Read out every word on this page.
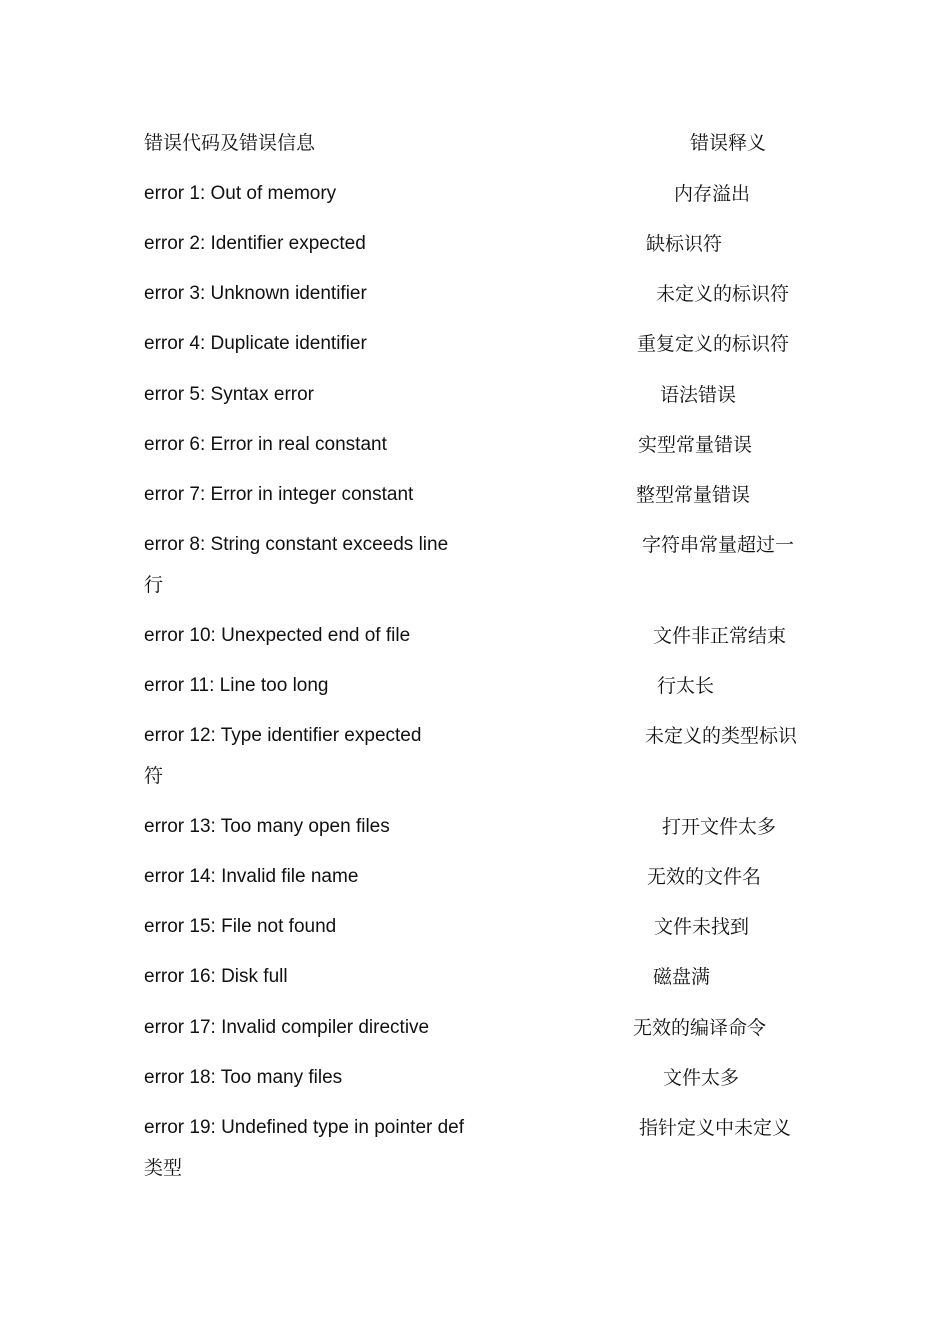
错误代码及错误信息	错误释义
error 1: Out of memory	内存溢出
error 2: Identifier expected	缺标识符
error 3: Unknown identifier	未定义的标识符
error 4: Duplicate identifier	重复定义的标识符
error 5: Syntax error	语法错误
error 6: Error in real constant	实型常量错误
error 7: Error in integer constant	整型常量错误
error 8: String constant exceeds line	字符串常量超过一
行
error 10: Unexpected end of file	文件非正常结束
error 11: Line too long	行太长
error 12: Type identifier expected	未定义的类型标识
符
error 13: Too many open files	打开文件太多
error 14: Invalid file name	无效的文件名
error 15: File not found	文件未找到
error 16: Disk full	磁盘满
error 17: Invalid compiler directive	无效的编译命令
error 18: Too many files	文件太多
error 19: Undefined type in pointer def	指针定义中未定义
类型
